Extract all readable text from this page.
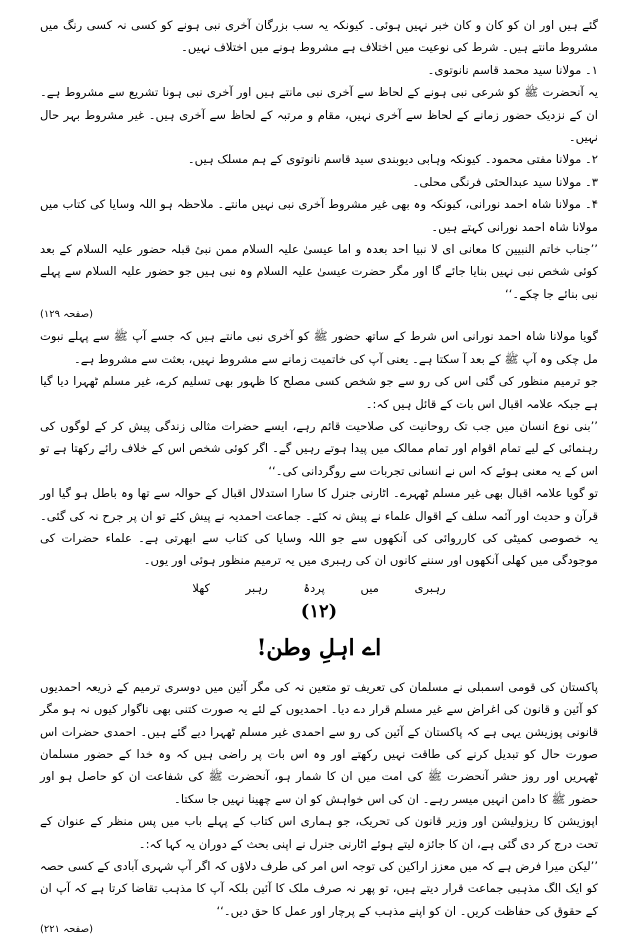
گئے ہیں اور ان کو کان و کان خبر نہیں ہوئی۔ کیونکہ یہ سب بزرگان آخری نبی ہونے کو کسی نہ کسی رنگ میں مشروط مانتے ہیں۔ شرط کی نوعیت میں اختلاف ہے مشروط ہونے میں اختلاف نہیں۔

۱۔ مولانا سید محمد قاسم نانوتوی۔

یہ آنحضرت ﷺ کو شرعی نبی ہونے کے لحاظ سے آخری نبی مانتے ہیں اور آخری نبی ہونا تشریع سے مشروط ہے۔ ان کے نزدیک حضور زمانے کے لحاظ سے آخری نہیں، مقام و مرتبہ کے لحاظ سے آخری ہیں۔ غیر مشروط بہر حال نہیں۔

۲۔ مولانا مفتی محمود۔ کیونکہ وہابی دیوبندی سید قاسم نانوتوی کے ہم مسلک ہیں۔

۳۔ مولانا سید عبدالحئی فرنگی محلی۔

۴۔ مولانا شاہ احمد نورانی، کیونکہ وہ بھی غیر مشروط آخری نبی نہیں مانتے۔ ملاحظہ ہو اللہ وسایا کی کتاب میں مولانا شاہ احمد نورانی کہتے ہیں۔

’’جناب خاتم النبیین کا معانی ای لا نبیا احد بعدہ و اما عیسیٰ علیہ السلام ممن نبیٔ قبلہ حضور علیہ السلام کے بعد کوئی شخص نبی نہیں بنایا جائے گا اور مگر حضرت عیسیٰ علیہ السلام وہ نبی ہیں جو حضور علیہ السلام سے پہلے نبی بنائے جا چکے۔‘‘

(صفحہ ۱۲۹)

گویا مولانا شاہ احمد نورانی اس شرط کے ساتھ حضور ﷺ کو آخری نبی مانتے ہیں کہ جسے آپ ﷺ سے پہلے نبوت مل چکی وہ آپ ﷺ کے بعد آ سکتا ہے۔ یعنی آپ کی خاتمیت زمانے سے مشروط نہیں، بعثت سے مشروط ہے۔

جو ترمیم منظور کی گئی اس کی رو سے جو شخص کسی مصلح کا ظہور بھی تسلیم کرے، غیر مسلم ٹھہرا دیا گیا ہے جبکہ علامہ اقبال اس بات کے قائل ہیں کہ:۔

’’بنی نوع انسان میں جب تک روحانیت کی صلاحیت قائم رہے، ایسے حضرات مثالی زندگی پیش کر کے لوگوں کی رہنمائی کے لیے تمام اقوام اور تمام ممالک میں پیدا ہوتے رہیں گے۔ اگر کوئی شخص اس کے خلاف رائے رکھتا ہے تو اس کے یہ معنی ہوئے کہ اس نے انسانی تجربات سے روگردانی کی۔‘‘

تو گویا علامہ اقبال بھی غیر مسلم ٹھہرے۔ اٹارنی جنرل کا سارا استدلال اقبال کے حوالہ سے تھا وہ باطل ہو گیا اور قرآن و حدیث اور آئمہ سلف کے اقوال علماء نے پیش نہ کئے۔ جماعت احمدیہ نے پیش کئے تو ان پر جرح نہ کی گئی۔ یہ خصوصی کمیٹی کی کارروائی کی آنکھوں سے جو اللہ وسایا کی کتاب سے ابھرتی ہے۔ علماء حضرات کی موجودگی میں کھلی آنکھوں اور سننے کانوں ان کی رہبری میں یہ ترمیم منظور ہوئی اور یوں۔

رہبری میں پردۂ رہبر کھلا

(۱۲)

اے اہلِ وطن!

پاکستان کی قومی اسمبلی نے مسلمان کی تعریف تو متعین نہ کی مگر آئین میں دوسری ترمیم کے ذریعہ احمدیوں کو آئین و قانون کی اغراض سے غیر مسلم قرار دے دیا۔ احمدیوں کے لئے یہ صورت کتنی بھی ناگوار کیوں نہ ہو مگر قانونی پوزیشن یہی ہے کہ پاکستان کے آئین کی رو سے احمدی غیر مسلم ٹھہرا دیے گئے ہیں۔ احمدی حضرات اس صورت حال کو تبدیل کرنے کی طاقت نہیں رکھتے اور وہ اس بات پر راضی ہیں کہ وہ خدا کے حضور مسلمان ٹھہریں اور روز حشر آنحضرت ﷺ کی امت میں ان کا شمار ہو، آنحضرت ﷺ کی شفاعت ان کو حاصل ہو اور حضور ﷺ کا دامن انہیں میسر رہے۔ ان کی اس خواہش کو ان سے چھینا نہیں جا سکتا۔

اپوزیشن کا ریزولیشن اور وزیر قانون کی تحریک، جو ہماری اس کتاب کے پہلے باب میں پس منظر کے عنوان کے تحت درج کر دی گئی ہے، ان کا جائزہ لیتے ہوئے اٹارنی جنرل نے اپنی بحث کے دوران یہ کہا کہ:۔

’’لیکن میرا فرض ہے کہ میں معزز اراکین کی توجہ اس امر کی طرف دلاؤں کہ اگر آپ شہری آبادی کے کسی حصہ کو ایک الگ مذہبی جماعت قرار دیتے ہیں، تو پھر نہ صرف ملک کا آئین بلکہ آپ کا مذہب تقاضا کرتا ہے کہ آپ ان کے حقوق کی حفاظت کریں۔ ان کو اپنے مذہب کے پرچار اور عمل کا حق دیں۔‘‘

(صفحہ ۲۲۱)
